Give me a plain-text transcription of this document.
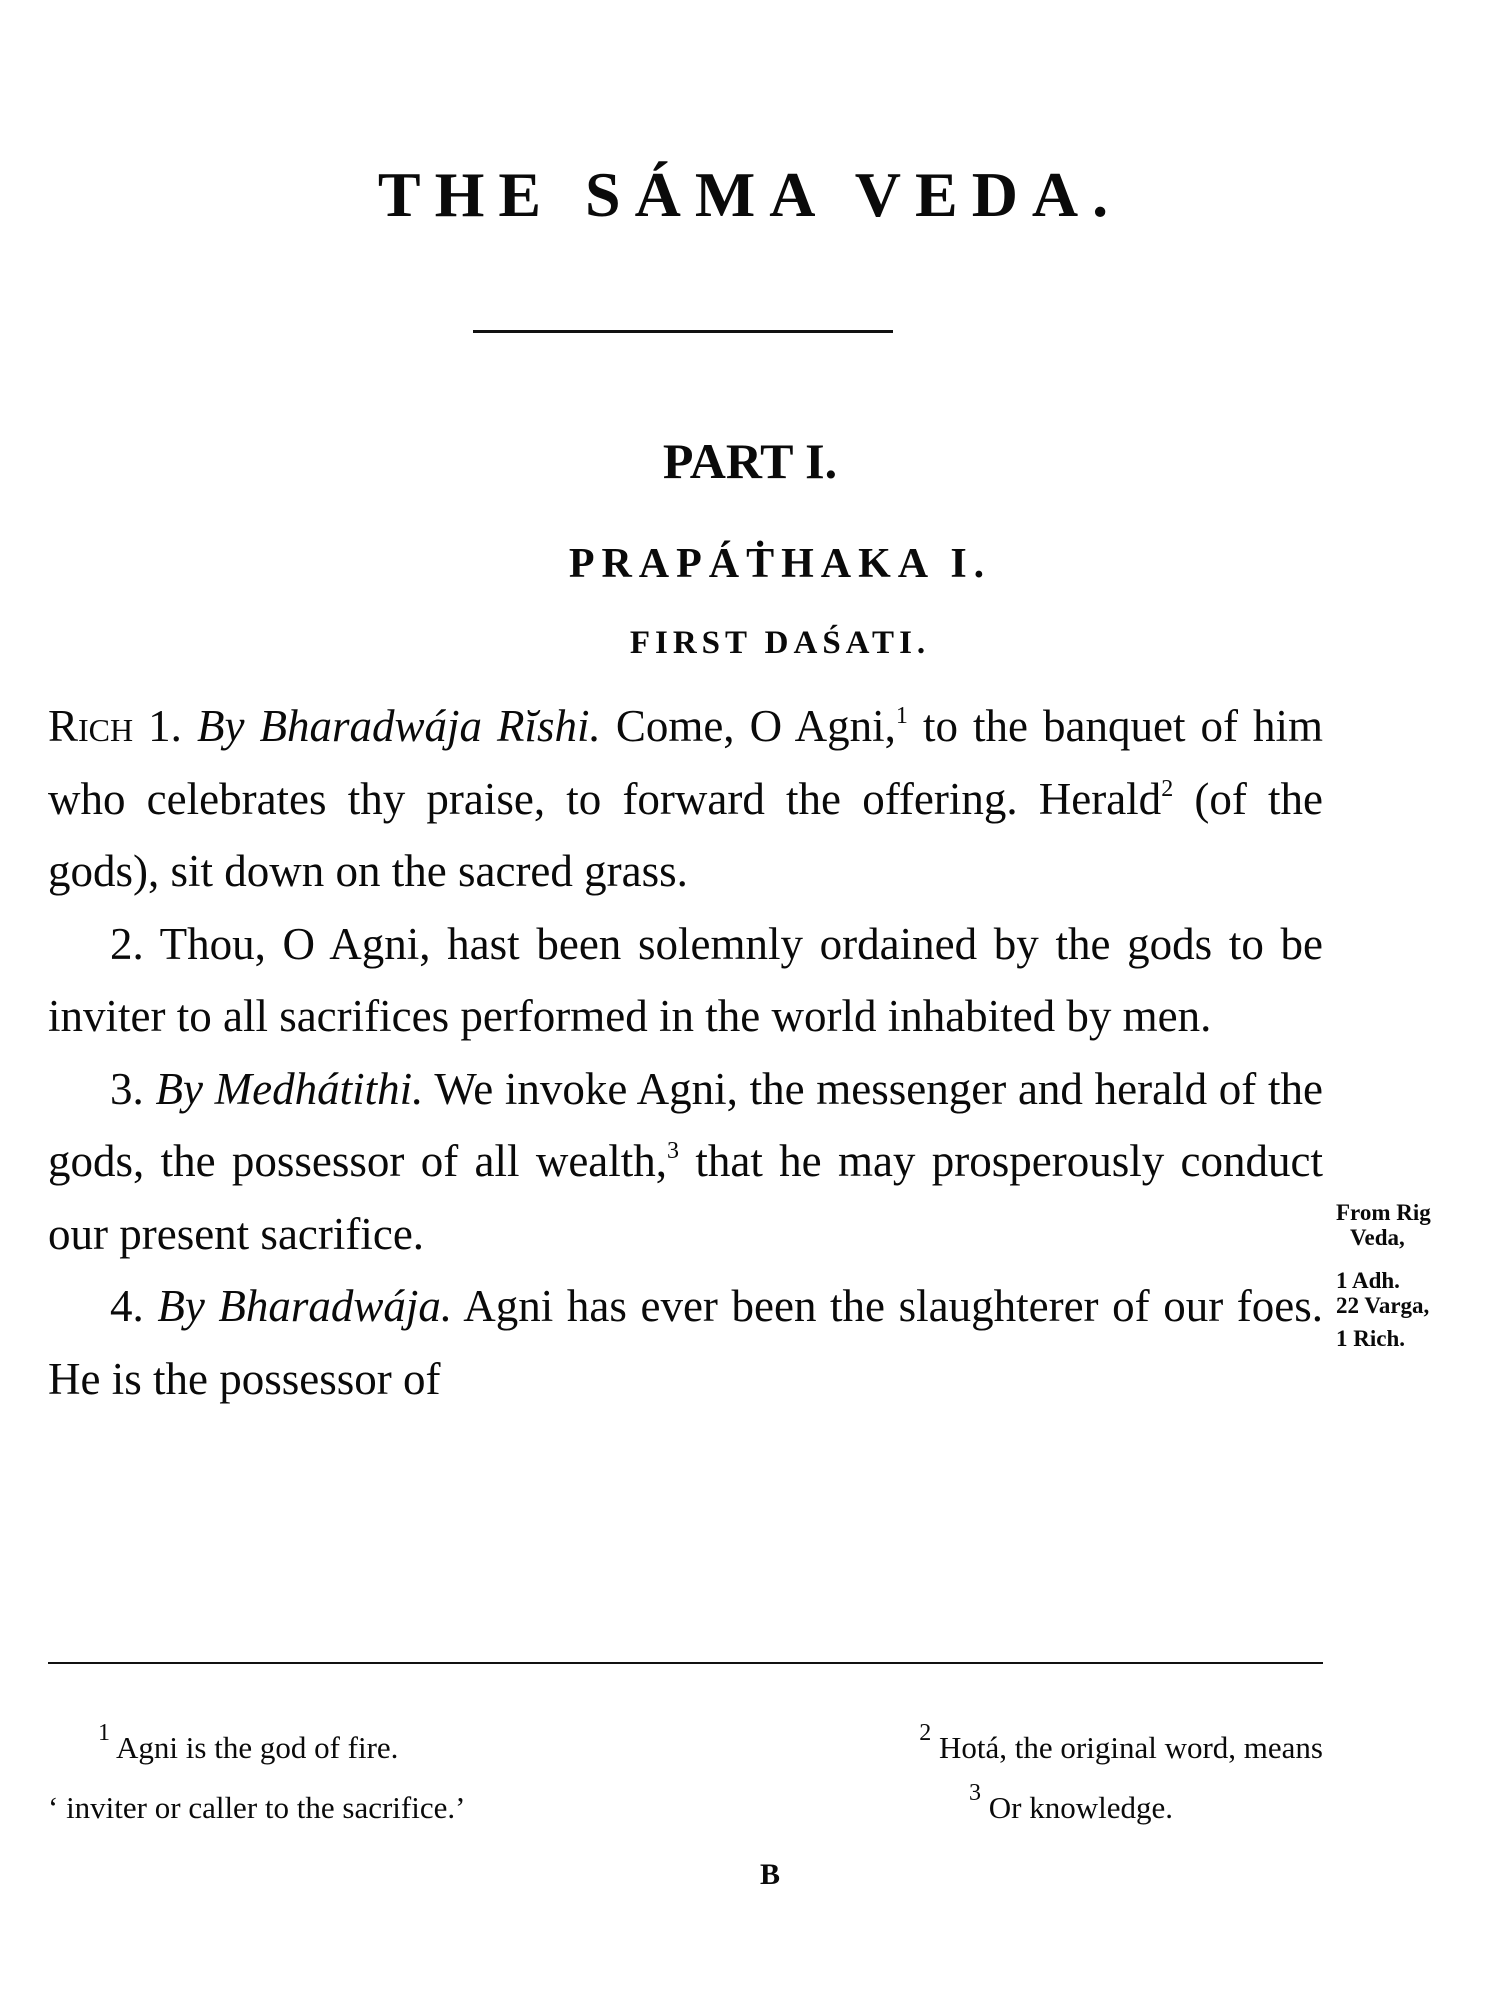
THE SÁMA VEDA.
PART I.
PRAPÁṪHAKA I.
FIRST DAŚATI.

Rich 1. By Bharadwája Rĭshi. Come, O Agni,$^1$ to the banquet of him who celebrates thy praise, to forward the offering. Herald$^2$ (of the gods), sit down on the sacred grass.

2. Thou, O Agni, hast been solemnly ordained by the gods to be inviter to all sacrifices performed in the world inhabited by men.

3. By Medhátithi. We invoke Agni, the messenger and herald of the gods, the possessor of all wealth,$^3$ that he may prosperously conduct our present sacrifice.

4. By Bharadwája. Agni has ever been the slaughterer of our foes. He is the possessor of

From Rig
Veda,
1 Adh.
22 Varga,
1 Rich.
$^1$ Agni is the god of fire.	$^2$ Hotá, the original word, means
‘ inviter or caller to the sacrifice.’	$^3$ Or knowledge.
B
